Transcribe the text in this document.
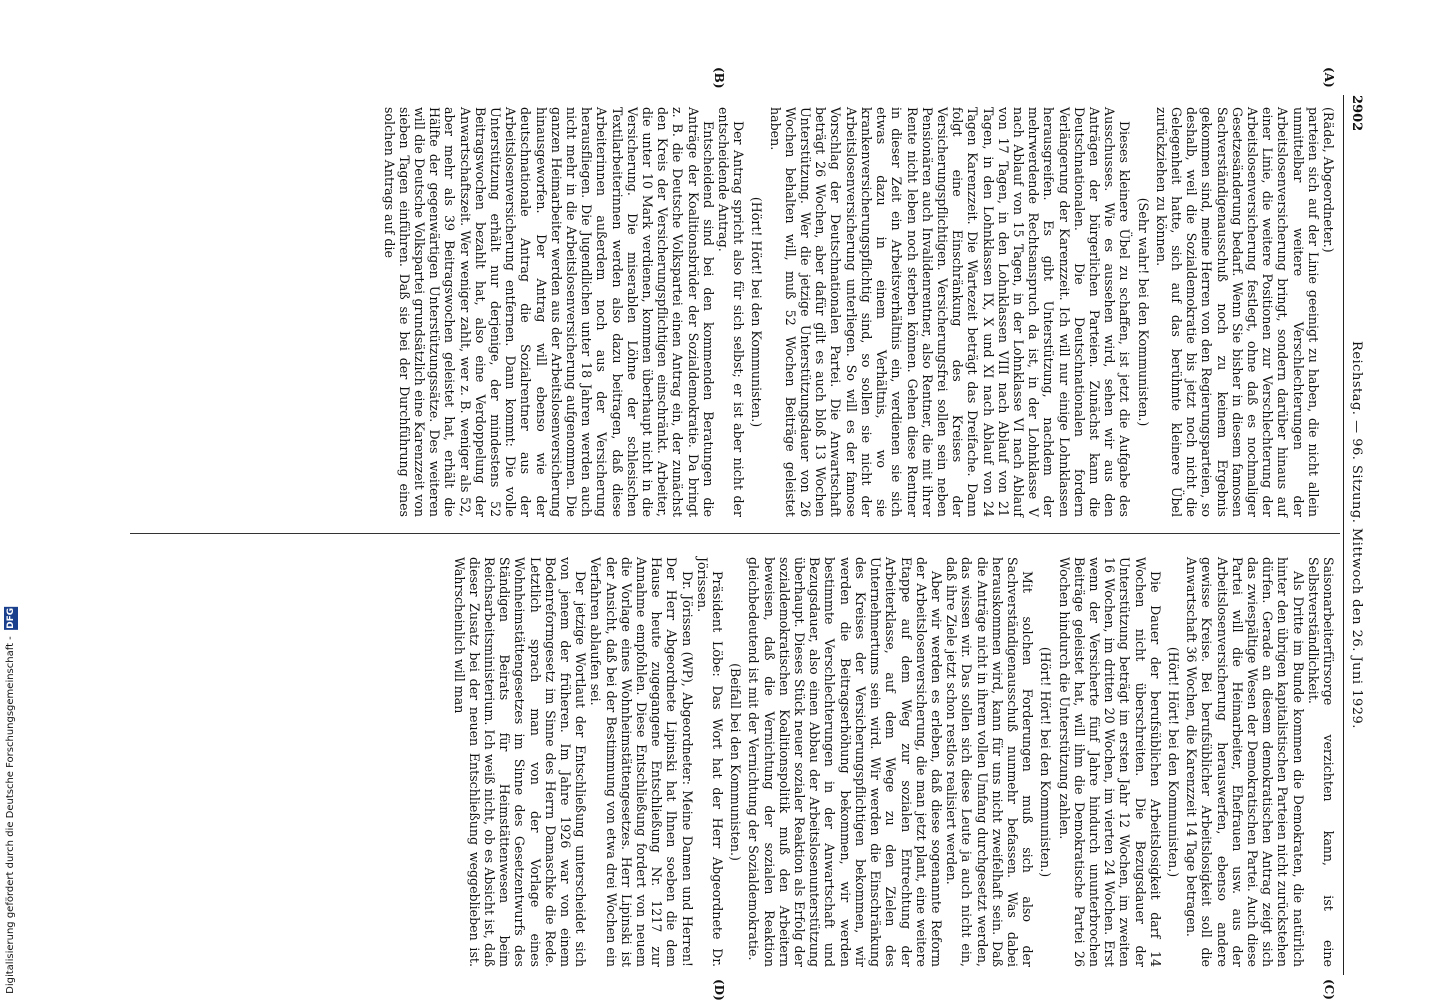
2902
Reichstag. — 96. Sitzung. Mittwoch den 26. Juni 1929.
(A)
(B)
(C)
(D)

(Rädel, Abgeordneter.)

parteien sich auf der Linie geeinigt zu haben, die nicht allein unmittelbar weitere Verschlechterungen der Arbeitslosenversicherung bringt, sondern darüber hinaus auf einer Linie, die weitere Positionen zur Verschlechterung der Arbeitslosenversicherung festlegt, ohne daß es nochmaliger Gesetzesänderung bedarf. Wenn Sie bisher in diesem famosen Sachverständigenausschuß noch zu keinem Ergebnis gekommen sind, meine Herren von den Regierungsparteien, so deshalb, weil die Sozialdemokratie bis jetzt noch nicht die Gelegenheit hatte, sich auf das berühmte kleinere Übel zurückziehen zu können.

(Sehr wahr! bei den Kommunisten.)

Dieses kleinere Übel zu schaffen, ist jetzt die Aufgabe des Ausschusses. Wie es aussehen wird, sehen wir aus den Anträgen der bürgerlichen Parteien. Zunächst kann die Deutschnationalen. Die Deutschnationalen fordern Verlängerung der Karenzzeit. Ich will nur einige Lohnklassen herausgreifen. Es gibt Unterstützung, nachdem der mehrwerdende Rechtsanspruch da ist, in der Lohnklasse V nach Ablauf von 15 Tagen, in der Lohnklasse VI nach Ablauf von 17 Tagen, in den Lohnklassen VIII nach Ablauf von 21 Tagen, in den Lohnklassen IX, X und XI nach Ablauf von 24 Tagen Karenzzeit. Die Wartezeit beträgt das Dreifache. Dann folgt eine Einschränkung des Kreises der Versicherungspflichtigen. Versicherungsfrei sollen sein neben Pensionären auch Invalidenrentner, also Rentner, die mit ihrer Rente nicht leben noch sterben können. Gehen diese Rentner in dieser Zeit ein Arbeitsverhältnis ein, verdienen sie sich etwas dazu in einem Verhältnis, wo sie krankenversicherungspflichtig sind, so sollen sie nicht der Arbeitslosenversicherung unterliegen. So will es der famose Vorschlag der Deutschnationalen Partei. Die Anwartschaft beträgt 26 Wochen, aber dafür gilt es auch bloß 13 Wochen Unterstützung. Wer die jetzige Unterstützungsdauer von 26 Wochen behalten will, muß 52 Wochen Beiträge geleistet haben.

(Hört! Hört! bei den Kommunisten.)

Der Antrag spricht also für sich selbst; er ist aber nicht der entscheidende Antrag.

Entscheidend sind bei den kommenden Beratungen die Anträge der Koalitionsbrüder der Sozialdemokratie. Da bringt z. B. die Deutsche Volkspartei einen Antrag ein, der zunächst den Kreis der Versicherungspflichtigen einschränkt. Arbeiter, die unter 10 Mark verdienen, kommen überhaupt nicht in die Versicherung. Die miserablen Löhne der schlesischen Textilarbeiterinnen werden also dazu beitragen, daß diese Arbeiterinnen außerdem noch aus der Versicherung herausfliegen. Die Jugendlichen unter 18 Jahren werden auch nicht mehr in die Arbeitslosenversicherung aufgenommen. Die ganzen Heimarbeiter werden aus der Arbeitslosenversicherung hinausgeworfen. Der Antrag will ebenso wie der deutschnationale Antrag die Sozialrentner aus der Arbeitslosenversicherung entfernen. Dann kommt: Die volle Unterstützung erhält nur derjenige, der mindestens 52 Beitragswochen bezahlt hat, also eine Verdoppelung der Anwartschaftszeit. Wer weniger zahlt, wer z. B. weniger als 52, aber mehr als 39 Beitragswochen geleistet hat, erhält die Hälfte der gegenwärtigen Unterstützungssätze. Des weiteren will die Deutsche Volkspartei grundsätzlich eine Karenzzeit von sieben Tagen einführen. Daß sie bei der Durchführung eines solchen Antrags auf die

Saisonarbeiterfürsorge verzichten kann, ist eine Selbstverständlichkeit.

Als Dritte im Bunde kommen die Demokraten, die natürlich hinter den übrigen kapitalistischen Parteien nicht zurückstehen dürfen. Gerade an diesem demokratischen Antrag zeigt sich das zwiespältige Wesen der Demokratischen Partei. Auch diese Partei will die Heimarbeiter, Ehefrauen usw. aus der Arbeitslosenversicherung herauswerfen, ebenso andere gewisse Kreise. Bei berufsüblicher Arbeitslosigkeit soll die Anwartschaft 36 Wochen, die Karenzzeit 14 Tage betragen.

(Hört! Hört! bei den Kommunisten.)

Die Dauer der berufsüblichen Arbeitslosigkeit darf 14 Wochen nicht überschreiten. Die Bezugsdauer der Unterstützung beträgt im ersten Jahr 12 Wochen, im zweiten 16 Wochen, im dritten 20 Wochen, im vierten 24 Wochen. Erst wenn der Versicherte fünf Jahre hindurch ununterbrochen Beiträge geleistet hat, will ihm die Demokratische Partei 26 Wochen hindurch die Unterstützung zahlen.

(Hört! Hört! bei den Kommunisten.)

Mit solchen Forderungen muß sich also der Sachverständigenausschuß nunmehr befassen. Was dabei herauskommen wird, kann für uns nicht zweifelhaft sein. Daß die Anträge nicht in ihrem vollen Umfang durchgesetzt werden, das wissen wir. Das sollen sich diese Leute ja auch nicht ein, daß ihre Ziele jetzt schon restlos realisiert werden.

Aber wir werden es erleben, daß diese sogenannte Reform der Arbeitslosenversicherung, die man jetzt plant, eine weitere Etappe auf dem Weg zur sozialen Entrechtung der Arbeiterklasse, auf dem Wege zu den Zielen des Unternehmertums sein wird. Wir werden die Einschränkung des Kreises der Versicherungspflichtigen bekommen, wir werden die Beitragserhöhung bekommen, wir werden bestimmte Verschlechterungen in der Anwartschaft und Bezugsdauer, also einen Abbau der Arbeitslosenunterstützung überhaupt. Dieses Stück neuer sozialer Reaktion als Erfolg der sozialdemokratischen Koalitionspolitik muß den Arbeitern beweisen, daß die Vernichtung der sozialen Reaktion gleichbedeutend ist mit der Vernichtung der Sozialdemokratie.

(Beifall bei den Kommunisten.)

Präsident Löbe: Das Wort hat der Herr Abgeordnete Dr. Jörissen.

Dr. Jörissen (WP), Abgeordneter: Meine Damen und Herren! Der Herr Abgeordnete Lipinski hat Ihnen soeben die dem Hause heute zugegangene Entschließung Nr. 1217 zur Annahme empfohlen. Diese Entschließung fordert von neuem die Vorlage eines Wohnheimstättengesetzes. Herr Lipinski ist der Ansicht, daß bei der Bestimmung von etwa drei Wochen ein Verfahren ablaufen sei.

Der jetzige Wortlaut der Entschließung unterscheidet sich von jenem der früheren. Im Jahre 1926 war von einem Bodenreformgesetz im Sinne des Herrn Damaschke die Rede. Letztlich sprach man von der Vorlage eines Wohnheimstättengesetzes im Sinne des Gesetzentwurfs des Ständigen Beirats für Heimstättenwesen beim Reichsarbeitsministerium. Ich weiß nicht, ob es Absicht ist, daß dieser Zusatz bei der neuen Entschließung weggeblieben ist. Wahrscheinlich will man

Digitalisierung gefördert durch die Deutsche Forschungsgemeinschaft - DFG
